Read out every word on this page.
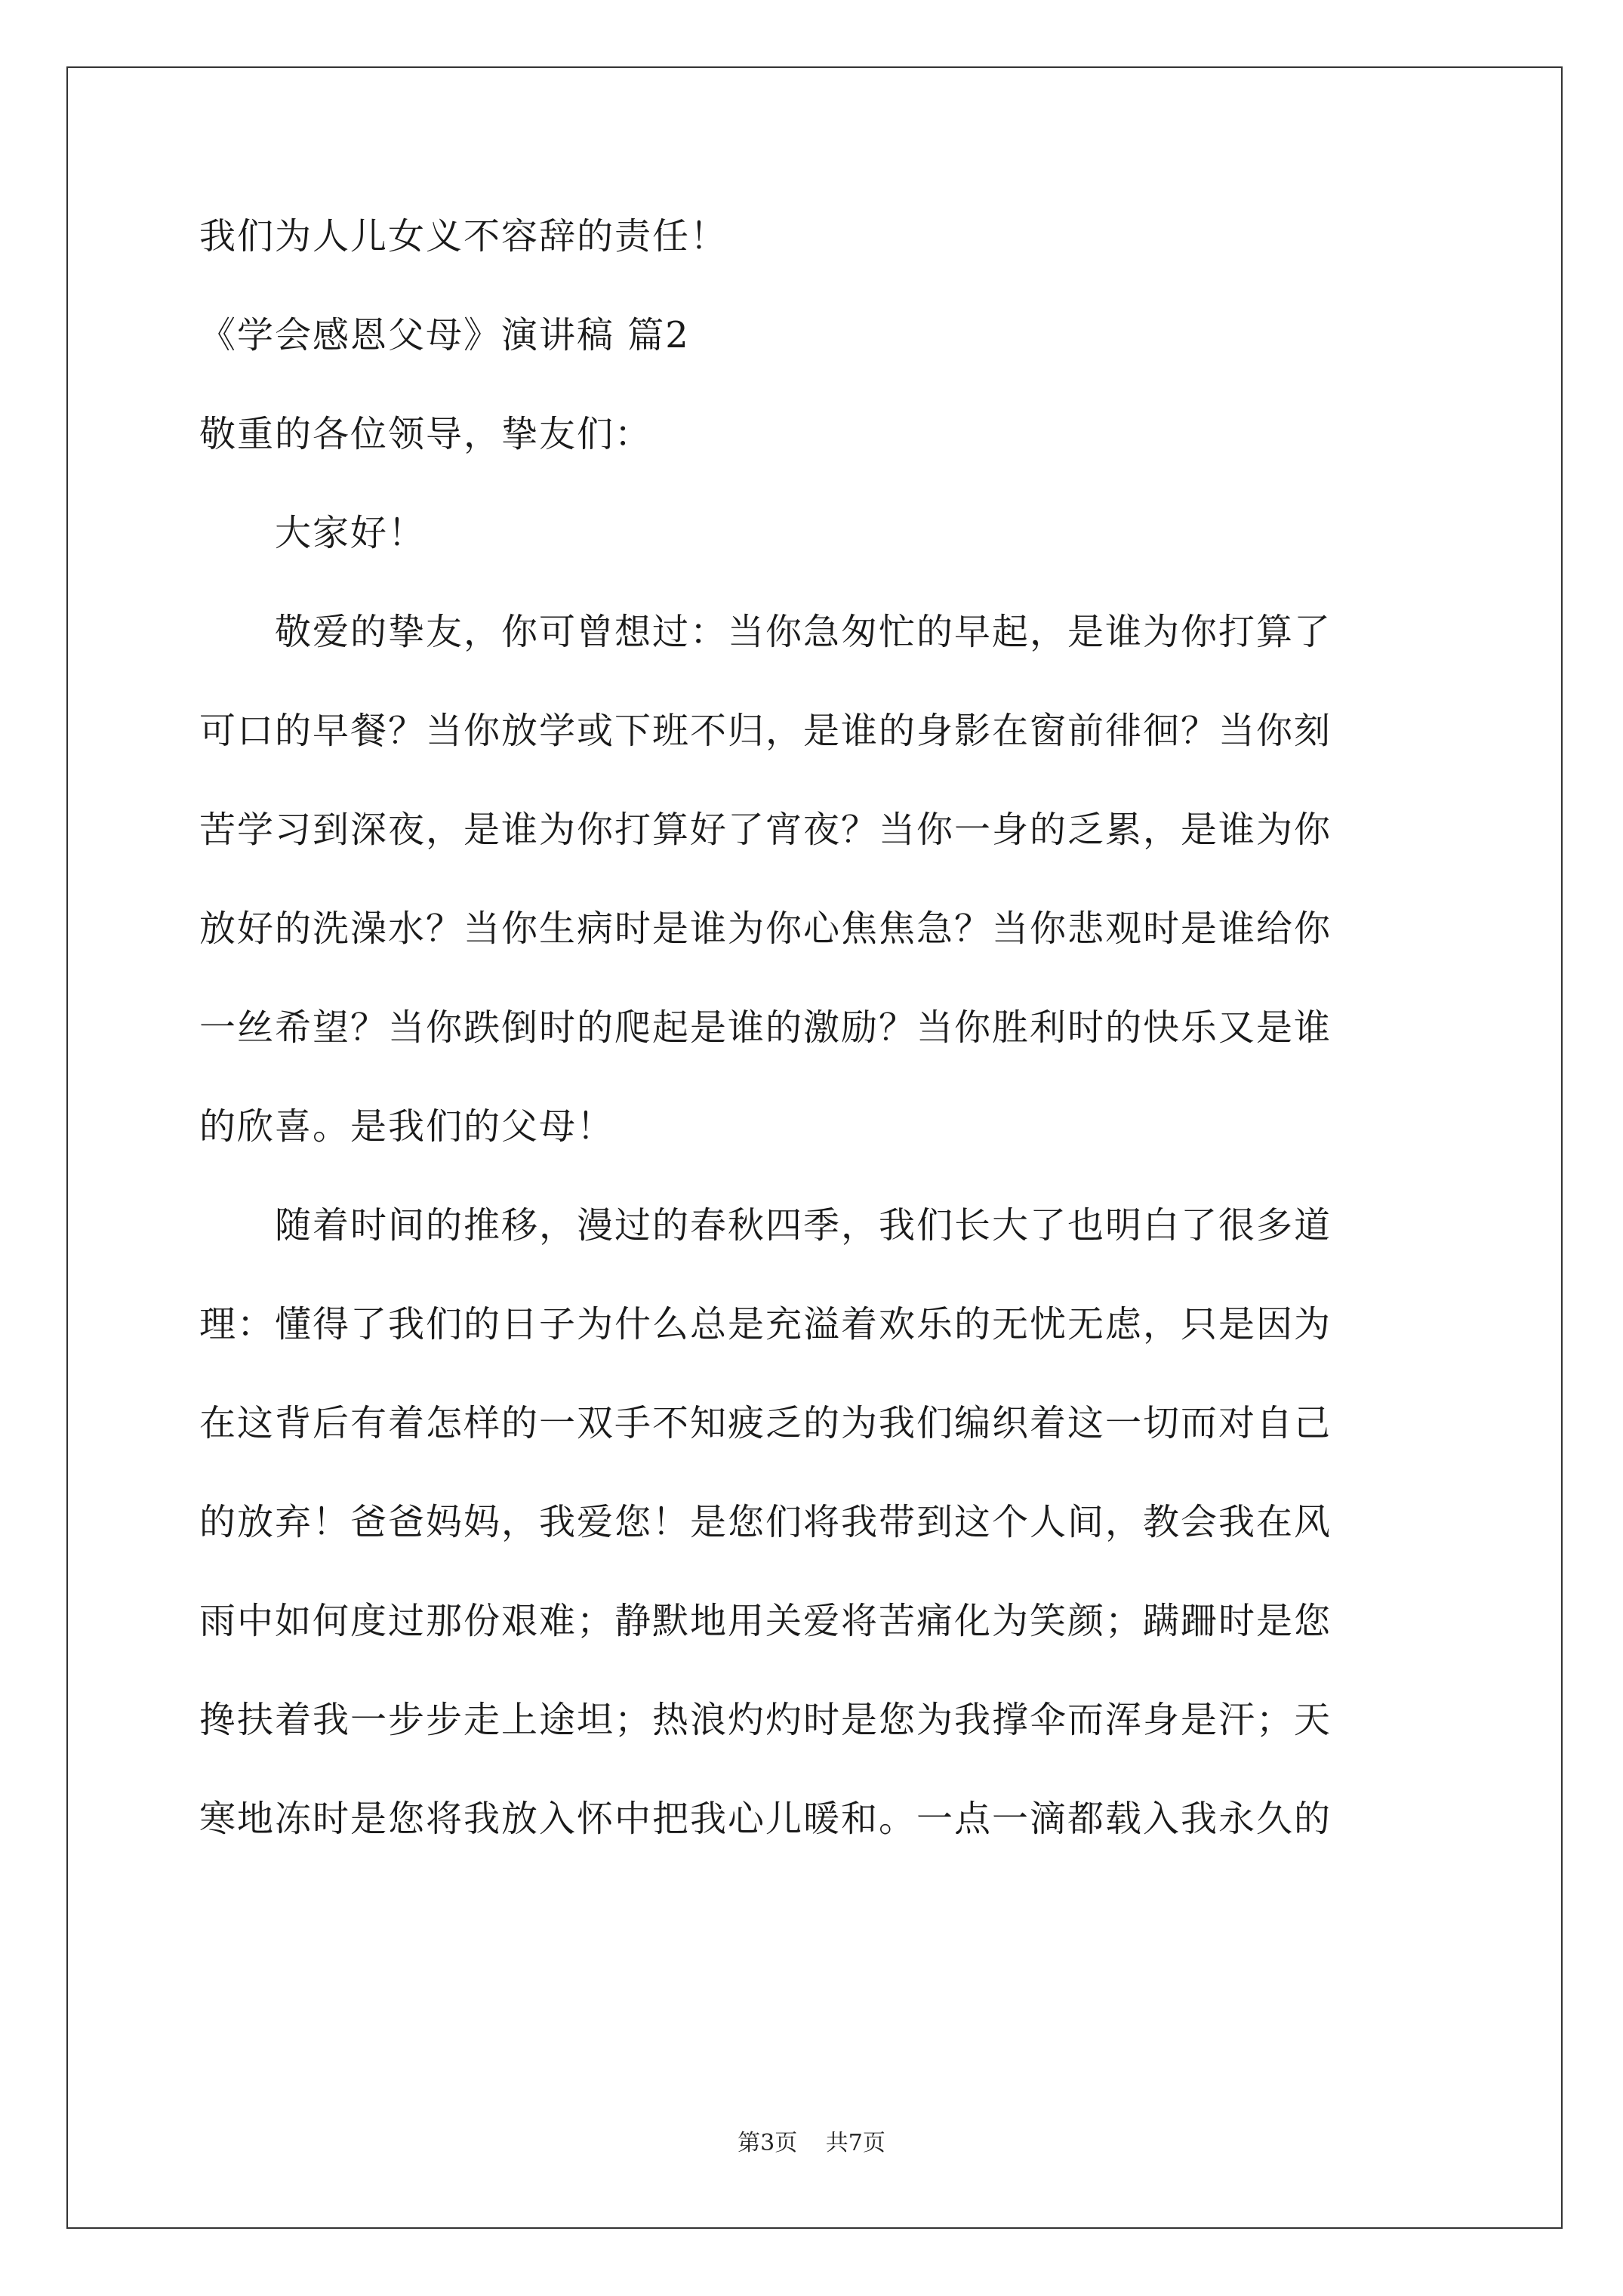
我们为人儿女义不容辞的责任！
《学会感恩父母》演讲稿 篇2
敬重的各位领导，挚友们：
　　大家好！
　　敬爱的挚友，你可曾想过：当你急匆忙的早起，是谁为你打算了
可口的早餐？当你放学或下班不归，是谁的身影在窗前徘徊？当你刻
苦学习到深夜，是谁为你打算好了宵夜？当你一身的乏累，是谁为你
放好的洗澡水？当你生病时是谁为你心焦焦急？当你悲观时是谁给你
一丝希望？当你跌倒时的爬起是谁的激励？当你胜利时的快乐又是谁
的欣喜。是我们的父母！
　　随着时间的推移，漫过的春秋四季，我们长大了也明白了很多道
理：懂得了我们的日子为什么总是充溢着欢乐的无忧无虑，只是因为
在这背后有着怎样的一双手不知疲乏的为我们编织着这一切而对自己
的放弃！爸爸妈妈，我爱您！是您们将我带到这个人间，教会我在风
雨中如何度过那份艰难；静默地用关爱将苦痛化为笑颜；蹒跚时是您
搀扶着我一步步走上途坦；热浪灼灼时是您为我撑伞而浑身是汗；天
寒地冻时是您将我放入怀中把我心儿暖和。一点一滴都载入我永久的
第3页 共7页
